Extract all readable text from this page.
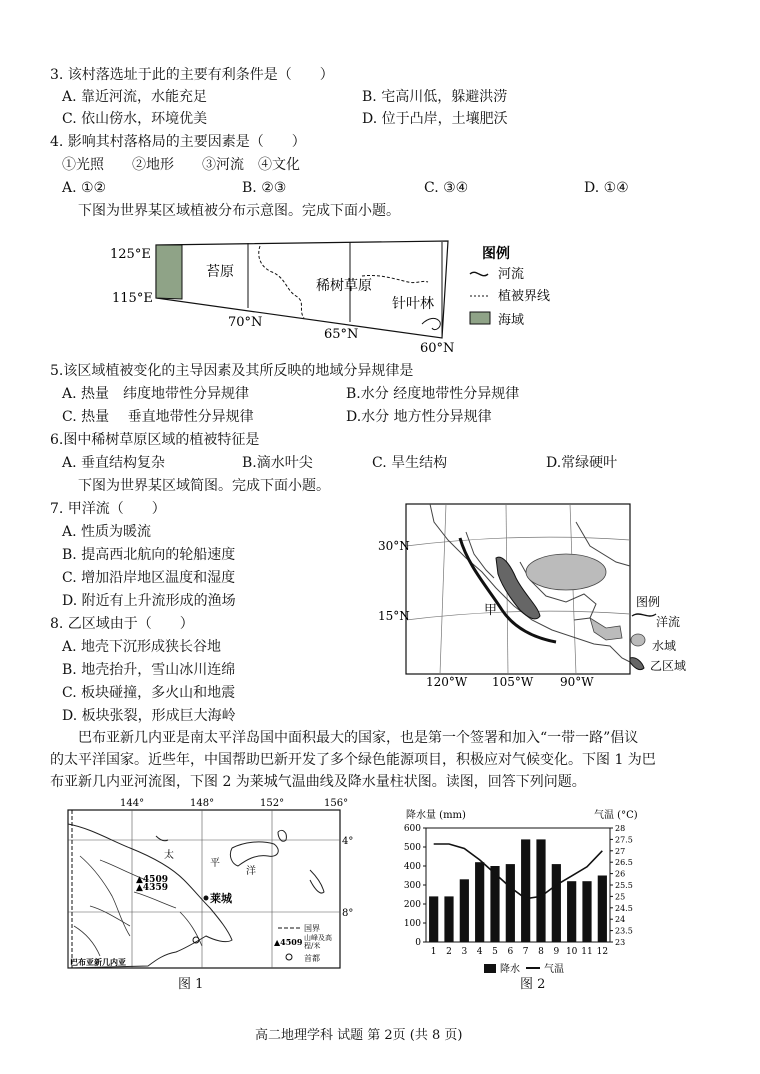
3. 该村落选址于此的主要有利条件是（　　）
A. 靠近河流，水能充足	B. 宅高川低，躲避洪涝
C. 依山傍水，环境优美	D. 位于凸岸，土壤肥沃
4. 影响其村落格局的主要因素是（　　）
①光照　　②地形　　③河流　④文化
A. ①②	B. ②③	C. ③④	D. ①④
下图为世界某区域植被分布示意图。完成下面小题。
125°E
115°E
苔原
稀树草原
针叶林
70°N
65°N
60°N
图例
河流
植被界线
海域
5.该区域植被变化的主导因素及其所反映的地域分异规律是
A. 热量　纬度地带性分异规律	B.水分 经度地带性分异规律
C. 热量　 垂直地带性分异规律	D.水分 地方性分异规律
6.图中稀树草原区域的植被特征是
A. 垂直结构复杂	B.滴水叶尖	C. 旱生结构	D.常绿硬叶
下图为世界某区域简图。完成下面小题。
7. 甲洋流（　　）
A. 性质为暖流
B. 提高西北航向的轮船速度
C. 增加沿岸地区温度和湿度
D. 附近有上升流形成的渔场
8. 乙区域由于（　　）
A. 地壳下沉形成狭长谷地
B. 地壳抬升，雪山冰川连绵
C. 板块碰撞，多火山和地震
D. 板块张裂，形成巨大海岭
30°N
15°N	甲
120°W 105°W 90°W
图例
洋流
水域
乙区域
巴布亚新几内亚是南太平洋岛国中面积最大的国家，也是第一个签署和加入“一带一路”倡议
的太平洋国家。近些年，中国帮助巴新开发了多个绿色能源项目，积极应对气候变化。下图 1 为巴
布亚新几内亚河流图，下图 2 为莱城气温曲线及降水量柱状图。读图，回答下列问题。
144°	148°	152°	156°
4°
8°
太
平
洋
▲4509
▲4359
莱城
国界
▲4509 山峰及高
程/米
首都
巴布亚新几内亚
图 1
降水量 (mm)	气温 (°C)
0
100
200
300
400
500
600
23
23.5
24
24.5
25
25.5
26
26.5
27
27.5
28
1 2 3 4 5 6 7 8 9 10 11 12
降水 气温
图 2
高二地理学科 试题 第 2页 (共 8 页)
